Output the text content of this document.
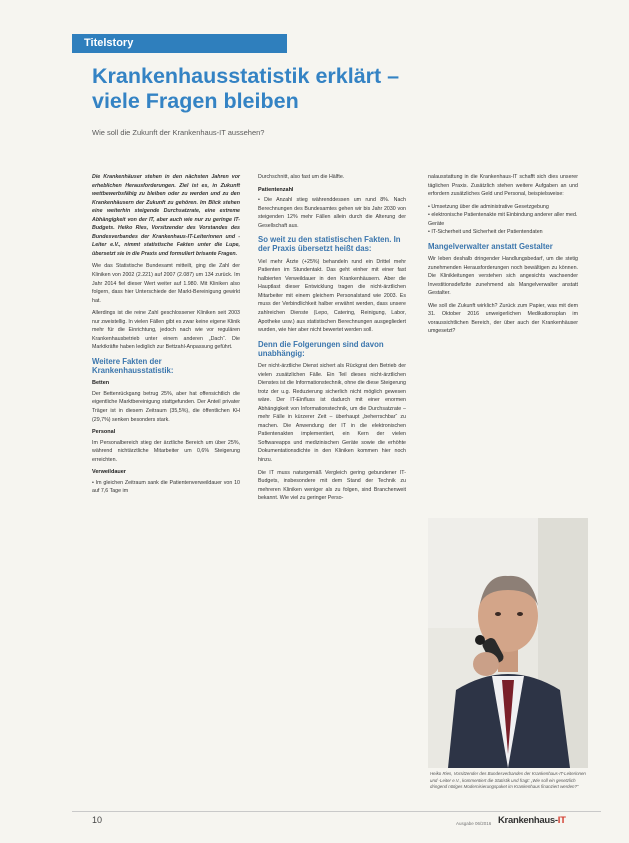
Titelstory
Krankenhausstatistik erklärt –
viele Fragen bleiben
Wie soll die Zukunft der Krankenhaus-IT aussehen?

Die Krankenhäuser stehen in den nächsten Jahren vor erheblichen Herausforderungen. Ziel ist es, in Zukunft wettbewerbsfähig zu bleiben oder zu werden und zu den Krankenhäusern der Zukunft zu gehören. Im Blick stehen eine weiterhin steigende Durchsatzrate, eine extreme Abhängigkeit von der IT, aber auch wie nur zu geringe IT-Budgets. Heiko Ries, Vorsitzender des Vorstandes des Bundesverbandes der Krankenhaus-IT-Leiterinnen und -Leiter e.V., nimmt statistische Fakten unter die Lupe, übersetzt sie in die Praxis und formuliert brisante Fragen.

Wie das Statistische Bundesamt mitteilt, ging die Zahl der Kliniken von 2002 (2.221) auf 2007 (2.087) um 134 zurück. Im Jahr 2014 fiel dieser Wert weiter auf 1.980. Mit Kliniken also folgern, dass hier Unterschiede der Markt-Bereinigung gewirkt hat.

Allerdings ist die reine Zahl geschlossener Kliniken seit 2003 nur zweistellig. In vielen Fällen gibt es zwar keine eigene Klinik mehr für die Einrichtung, jedoch nach wie vor regulären Krankenhausbetrieb unter einem anderen „Dach“. Die Marktkräfte haben lediglich zur Bettzahl-Anpassung geführt.

Weitere Fakten der Krankenhausstatistik:
Betten

Der Bettenrückgang betrug 25%, aber hat offensichtlich die eigentliche Marktbereinigung stattgefunden. Der Anteil privater Träger ist in diesem Zeitraum (35,5%), die öffentlichen KH (29,7%) senken besonders stark.

Personal

Im Personalbereich stieg der ärztliche Bereich um über 25%, während nichtärztliche Mitarbeiter um 0,6% Steigerung erreichten.

Verweildauer

• Im gleichen Zeitraum sank die Patientenverweildauer von 10 auf 7,6 Tage im

Durchschnitt, also fast um die Hälfte.

Patientenzahl

• Die Anzahl stieg währenddessen um rund 8%. Nach Berechnungen des Bundesamtes gehen wir bis Jahr 2030 von steigenden 12% mehr Fällen allein durch die Alterung der Gesellschaft aus.

So weit zu den statistischen Fakten. In der Praxis übersetzt heißt das:

Viel mehr Ärzte (+25%) behandeln rund ein Drittel mehr Patienten im Stundentakt. Das geht einher mit einer fast halbierten Verweildauer in den Krankenhäusern. Aber die Hauptlast dieser Entwicklung tragen die nicht-ärztlichen Mitarbeiter mit einem gleichem Personalstand wie 2003. Es muss der Verbindlichkeit halber erwähnt werden, dass unsere zahlreichen Dienste (Lepo, Catering, Reinigung, Labor, Apotheke usw.) aus statistischen Berechnungen ausgegliedert wurden, wie hier aber nicht bewertet werden soll.

Denn die Folgerungen sind davon unabhängig:

Der nicht-ärztliche Dienst sichert als Rückgrat den Betrieb der vielen zusätzlichen Fälle. Ein Teil dieses nicht-ärztlichen Dienstes ist die Informationstechnik, ohne die diese Steigerung trotz der u.g. Reduzierung sicherlich nicht möglich gewesen wäre. Der IT-Einfluss ist dadurch mit einer enormen Abhängigkeit von Informationstechnik, um die Durchsatzrate – mehr Fälle in kürzerer Zeit – überhaupt „beherrschbar“ zu machen. Die Anwendung der IT in die elektronischen Patientenakten implementiert, ein Kern der vielen Softwareapps und medizinischen Geräte sowie die erhöhte Dokumentationsdichte in den Kliniken kommen hier noch hinzu.

Die IT muss naturgemäß Vergleich gering gebundener IT-Budgets, insbesondere mit dem Stand der Technik zu mehreren Kliniken weniger als zu folgen, sind Branchenweit bekannt. Wie viel zu geringer Perso-

nalausstattung in die Krankenhaus-IT schafft sich dies unserer täglichen Praxis. Zusätzlich stehen weitere Aufgaben an und erfordern zusätzliches Geld und Personal, beispielsweise:

• Umsetzung über die administrative Gesetzgebung
• elektronische Patientenakte mit Einbindung anderer aller med. Geräte
• IT-Sicherheit und Sicherheit der Patientendaten
Mangelverwalter anstatt Gestalter

Wir leben deshalb dringender Handlungsbedarf, um die stetig zunehmenden Herausforderungen noch bewältigen zu können. Die Klinikleitungen verstehen sich angesichts wachsender Investitionsdefizite zunehmend als Mangelverwalter anstatt Gestalter.

Wie soll die Zukunft wirklich? Zurück zum Papier, was mit dem 31. Oktober 2016 unweigerlichen Medikationsplan im voraussichtlichen Bereich, der über auch der Krankenhäuser umgesetzt?

Heiko Ries, Vorsitzender des Bundesverbandes der Krankenhaus-IT-Leiterinnen und -Leiter e.V., kommentiert die Statistik und fragt: „Wie soll ein gesetzlich dringend nötiges Modernisierungspaket im Krankenhaus finanziert werden?“
10	Ausgabe 06/2016 Krankenhaus-IT
